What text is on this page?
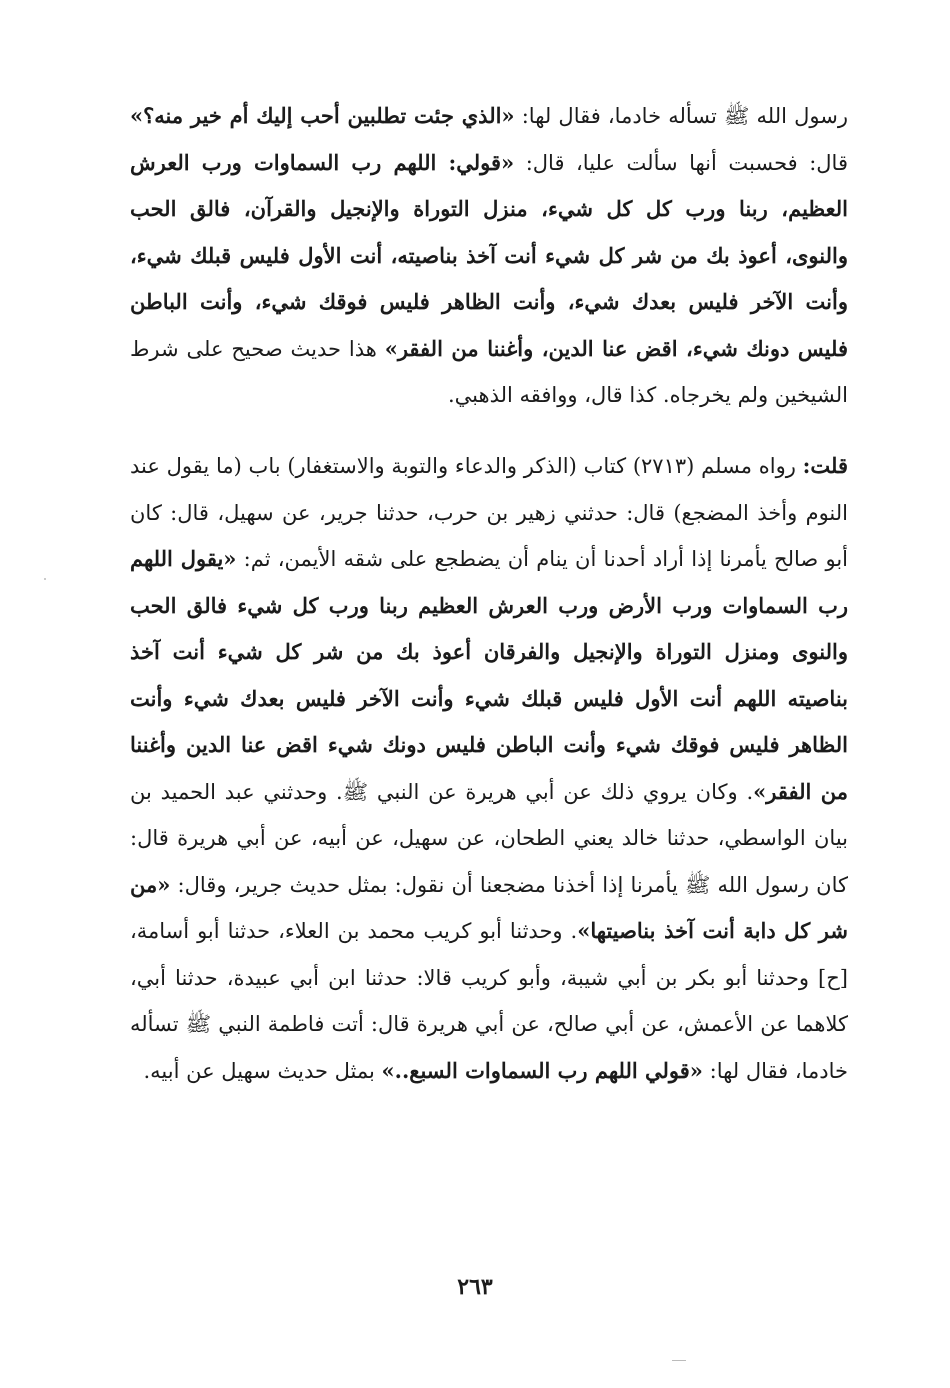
رسول الله ﷺ تسأله خادما، فقال لها: «الذي جئت تطلبين أحب إليك أم خير منه؟» قال: فحسبت أنها سألت عليا، قال: «قولي: اللهم رب السماوات ورب العرش العظيم، ربنا ورب كل كل شيء، منزل التوراة والإنجيل والقرآن، فالق الحب والنوى، أعوذ بك من شر كل شيء أنت آخذ بناصيته، أنت الأول فليس قبلك شيء، وأنت الآخر فليس بعدك شيء، وأنت الظاهر فليس فوقك شيء، وأنت الباطن فليس دونك شيء، اقض عنا الدين، وأغننا من الفقر» هذا حديث صحيح على شرط الشيخين ولم يخرجاه. كذا قال، ووافقه الذهبي.
قلت: رواه مسلم (٢٧١٣) كتاب (الذكر والدعاء والتوبة والاستغفار) باب (ما يقول عند النوم وأخذ المضجع) قال: حدثني زهير بن حرب، حدثنا جرير، عن سهيل، قال: كان أبو صالح يأمرنا إذا أراد أحدنا أن ينام أن يضطجع على شقه الأيمن، ثم: «يقول اللهم رب السماوات ورب الأرض ورب العرش العظيم ربنا ورب كل شيء فالق الحب والنوى ومنزل التوراة والإنجيل والفرقان أعوذ بك من شر كل شيء أنت آخذ بناصيته اللهم أنت الأول فليس قبلك شيء وأنت الآخر فليس بعدك شيء وأنت الظاهر فليس فوقك شيء وأنت الباطن فليس دونك شيء اقض عنا الدين وأغننا من الفقر». وكان يروي ذلك عن أبي هريرة عن النبي ﷺ. وحدثني عبد الحميد بن بيان الواسطي، حدثنا خالد يعني الطحان، عن سهيل، عن أبيه، عن أبي هريرة قال: كان رسول الله ﷺ يأمرنا إذا أخذنا مضجعنا أن نقول: بمثل حديث جرير، وقال: «من شر كل دابة أنت آخذ بناصيتها». وحدثنا أبو كريب محمد بن العلاء، حدثنا أبو أسامة، [ح] وحدثنا أبو بكر بن أبي شيبة، وأبو كريب قالا: حدثنا ابن أبي عبيدة، حدثنا أبي، كلاهما عن الأعمش، عن أبي صالح، عن أبي هريرة قال: أتت فاطمة النبي ﷺ تسأله خادما، فقال لها: «قولي اللهم رب السماوات السبع..» بمثل حديث سهيل عن أبيه.
٢٦٣
